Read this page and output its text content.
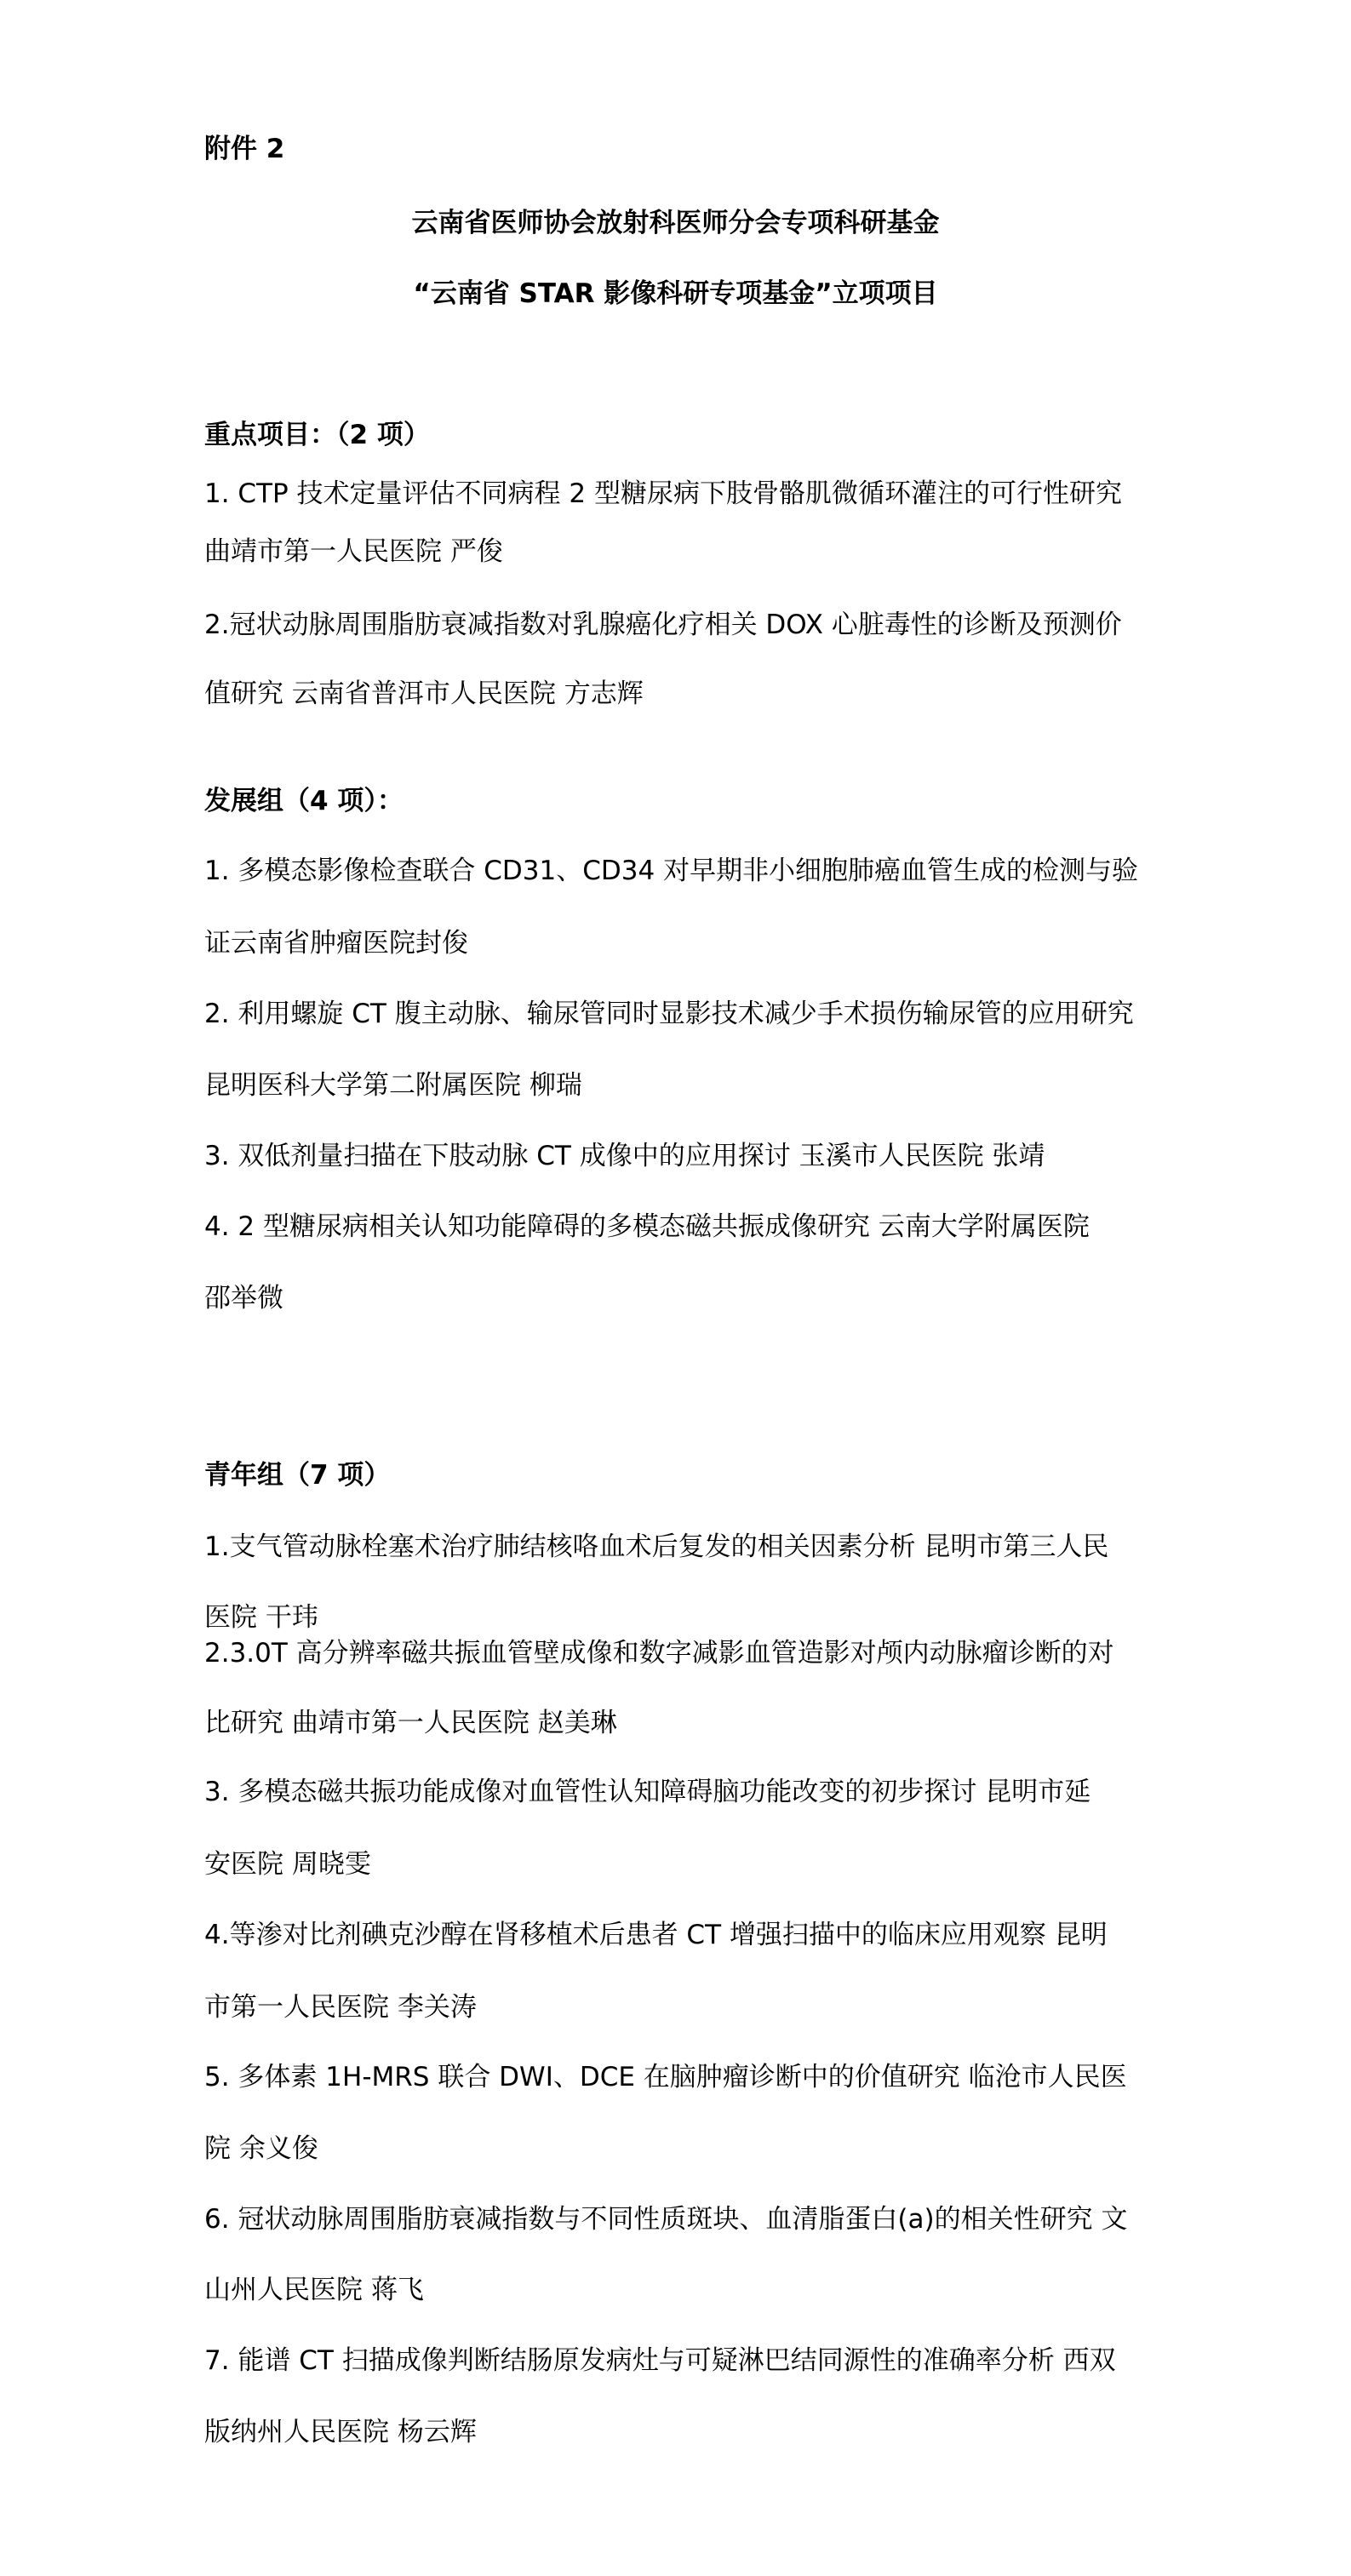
附件 2
云南省医师协会放射科医师分会专项科研基金
“云南省 STAR 影像科研专项基金”立项项目
重点项目：（2 项）
1. CTP 技术定量评估不同病程 2 型糖尿病下肢骨骼肌微循环灌注的可行性研究
曲靖市第一人民医院 严俊
2.冠状动脉周围脂肪衰减指数对乳腺癌化疗相关 DOX 心脏毒性的诊断及预测价
值研究 云南省普洱市人民医院 方志辉
发展组（4 项）：
1. 多模态影像检查联合 CD31、CD34 对早期非小细胞肺癌血管生成的检测与验
证云南省肿瘤医院封俊
2. 利用螺旋 CT 腹主动脉、输尿管同时显影技术减少手术损伤输尿管的应用研究
昆明医科大学第二附属医院 柳瑞
3. 双低剂量扫描在下肢动脉 CT 成像中的应用探讨 玉溪市人民医院 张靖
4. 2 型糖尿病相关认知功能障碍的多模态磁共振成像研究 云南大学附属医院
邵举微
青年组（7 项）
1.支气管动脉栓塞术治疗肺结核咯血术后复发的相关因素分析 昆明市第三人民
医院 干玮
2.3.0T 高分辨率磁共振血管壁成像和数字减影血管造影对颅内动脉瘤诊断的对
比研究 曲靖市第一人民医院 赵美琳
3. 多模态磁共振功能成像对血管性认知障碍脑功能改变的初步探讨 昆明市延
安医院 周晓雯
4.等渗对比剂碘克沙醇在肾移植术后患者 CT 增强扫描中的临床应用观察 昆明
市第一人民医院 李关涛
5. 多体素 1H-MRS 联合 DWI、DCE 在脑肿瘤诊断中的价值研究 临沧市人民医
院 余义俊
6. 冠状动脉周围脂肪衰减指数与不同性质斑块、血清脂蛋白(a)的相关性研究 文
山州人民医院 蒋飞
7. 能谱 CT 扫描成像判断结肠原发病灶与可疑淋巴结同源性的准确率分析 西双
版纳州人民医院 杨云辉
